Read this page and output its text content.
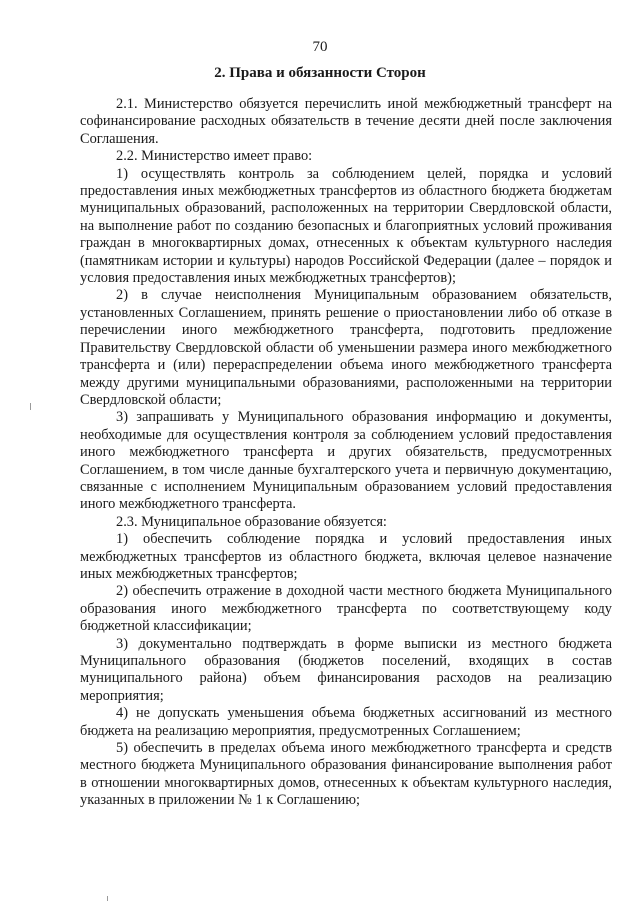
70
2. Права и обязанности Сторон

2.1. Министерство обязуется перечислить иной межбюджетный трансферт на софинансирование расходных обязательств в течение десяти дней после заключения Соглашения.

2.2. Министерство имеет право:

1) осуществлять контроль за соблюдением целей, порядка и условий предоставления иных межбюджетных трансфертов из областного бюджета бюджетам муниципальных образований, расположенных на территории Свердловской области, на выполнение работ по созданию безопасных и благоприятных условий проживания граждан в многоквартирных домах, отнесенных к объектам культурного наследия (памятникам истории и культуры) народов Российской Федерации (далее – порядок и условия предоставления иных межбюджетных трансфертов);

2) в случае неисполнения Муниципальным образованием обязательств, установленных Соглашением, принять решение о приостановлении либо об отказе в перечислении иного межбюджетного трансферта, подготовить предложение Правительству Свердловской области об уменьшении размера иного межбюджетного трансферта и (или) перераспределении объема иного межбюджетного трансферта между другими муниципальными образованиями, расположенными на территории Свердловской области;

3) запрашивать у Муниципального образования информацию и документы, необходимые для осуществления контроля за соблюдением условий предоставления иного межбюджетного трансферта и других обязательств, предусмотренных Соглашением, в том числе данные бухгалтерского учета и первичную документацию, связанные с исполнением Муниципальным образованием условий предоставления иного межбюджетного трансферта.

2.3. Муниципальное образование обязуется:

1) обеспечить соблюдение порядка и условий предоставления иных межбюджетных трансфертов из областного бюджета, включая целевое назначение иных межбюджетных трансфертов;

2) обеспечить отражение в доходной части местного бюджета Муниципального образования иного межбюджетного трансферта по соответствующему коду бюджетной классификации;

3) документально подтверждать в форме выписки из местного бюджета Муниципального образования (бюджетов поселений, входящих в состав муниципального района) объем финансирования расходов на реализацию мероприятия;

4) не допускать уменьшения объема бюджетных ассигнований из местного бюджета на реализацию мероприятия, предусмотренных Соглашением;

5) обеспечить в пределах объема иного межбюджетного трансферта и средств местного бюджета Муниципального образования финансирование выполнения работ в отношении многоквартирных домов, отнесенных к объектам культурного наследия, указанных в приложении № 1 к Соглашению;
